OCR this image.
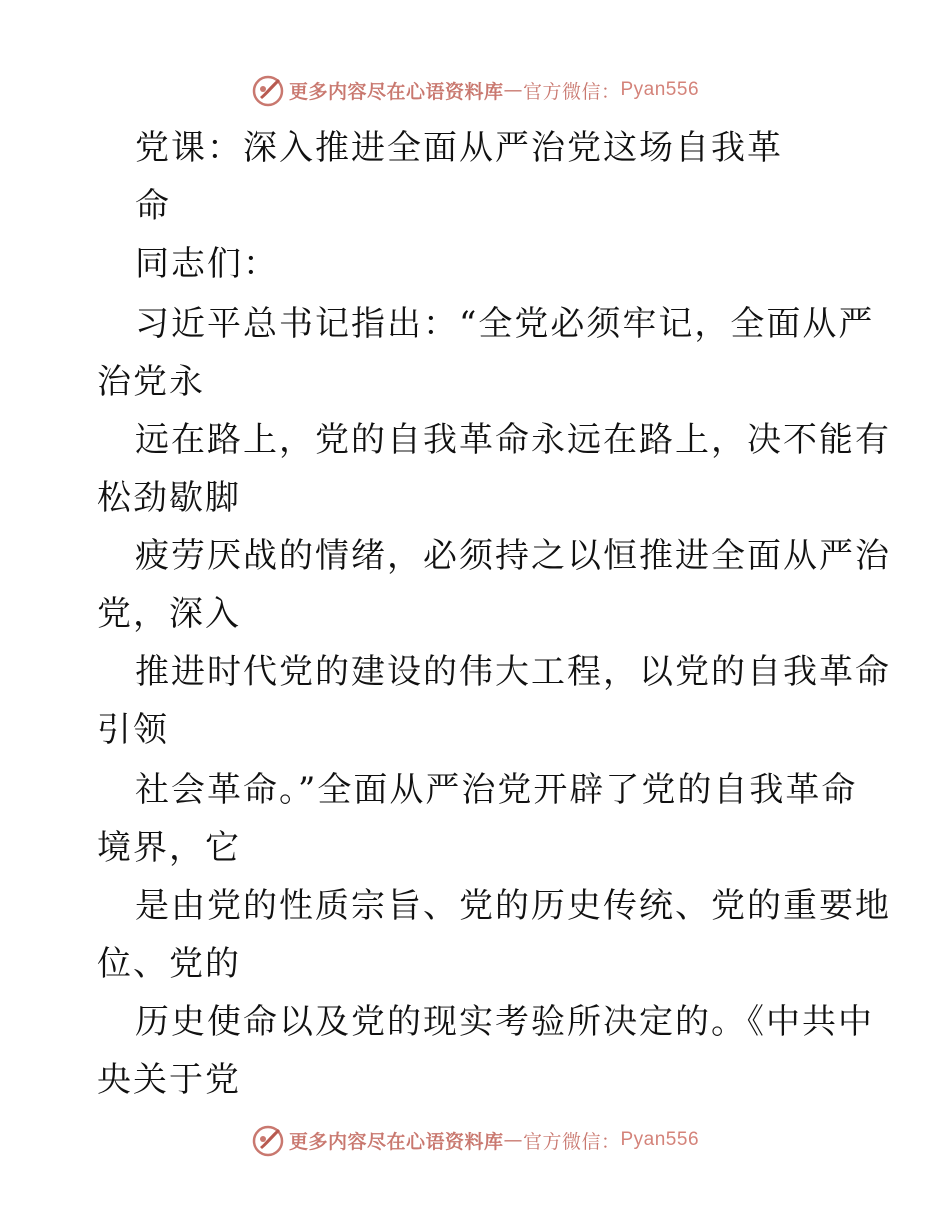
更多内容尽在心语资料库 — 官方微信： Pyan556
党课：深入推进全面从严治党这场自我革
命
同志们：
习近平总书记指出：“全党必须牢记，全面从严
治党永
远在路上，党的自我革命永远在路上，决不能有
松劲歇脚
疲劳厌战的情绪，必须持之以恒推进全面从严治
党，深入
推进时代党的建设的伟大工程，以党的自我革命
引领
社会革命。”全面从严治党开辟了党的自我革命
境界，它
是由党的性质宗旨、党的历史传统、党的重要地
位、党的
历史使命以及党的现实考验所决定的。《中共中
央关于党
更多内容尽在心语资料库 — 官方微信： Pyan556
